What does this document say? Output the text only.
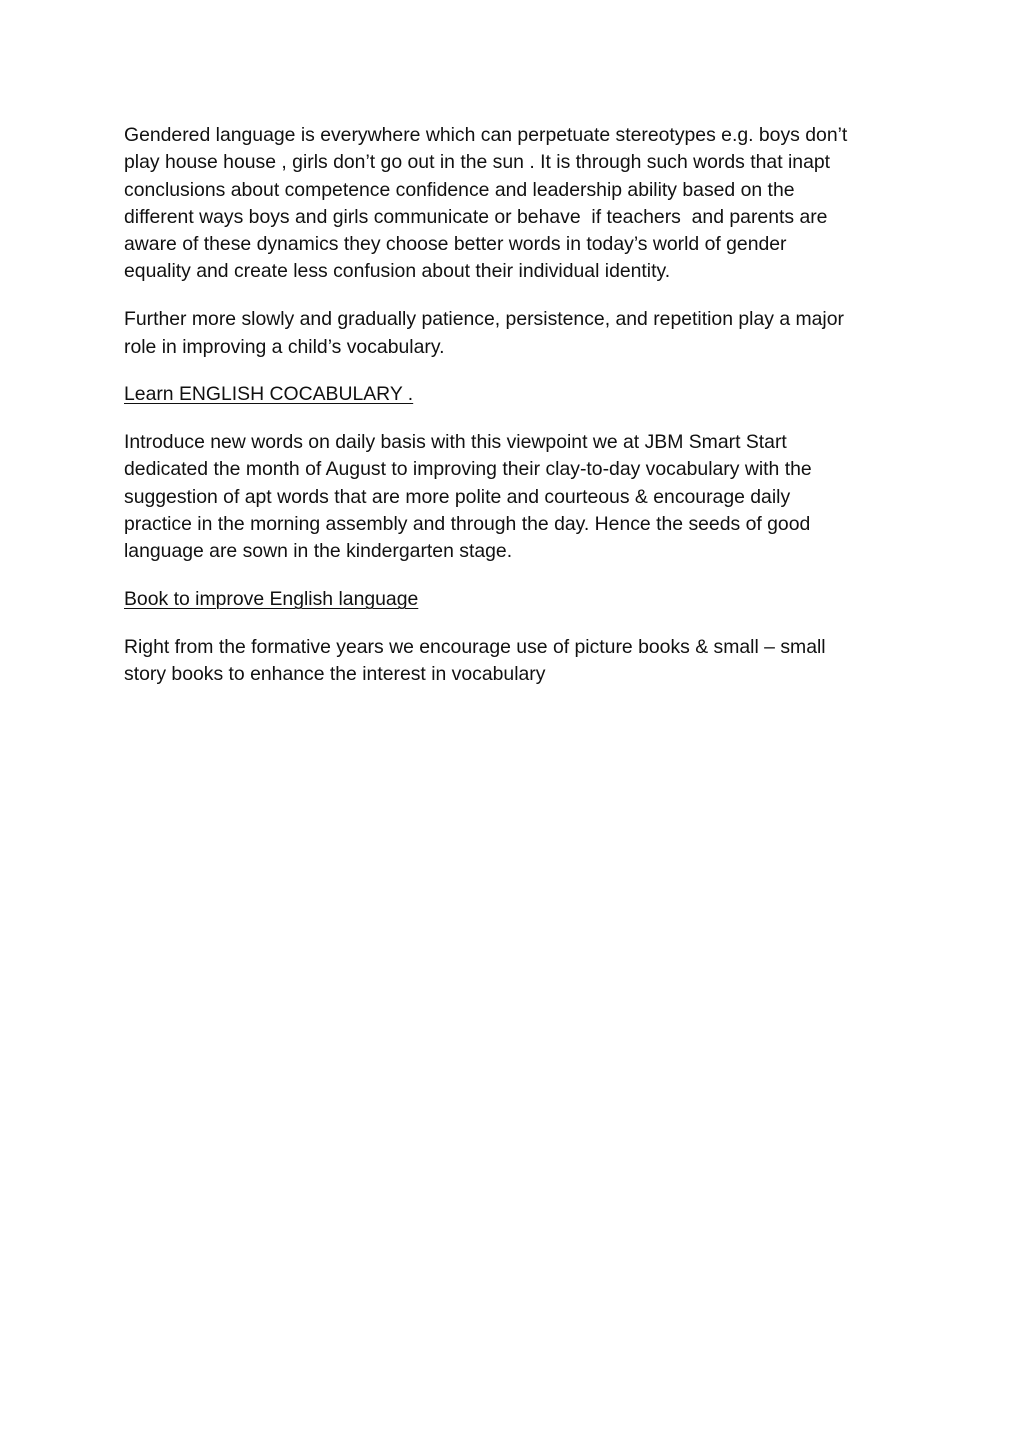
Gendered language is everywhere which can perpetuate stereotypes e.g. boys don’t
play house house , girls don’t go out in the sun . It is through such words that inapt
conclusions about competence confidence and leadership ability based on the
different ways boys and girls communicate or behave  if teachers  and parents are
aware of these dynamics they choose better words in today’s world of gender
equality and create less confusion about their individual identity.

Further more slowly and gradually patience, persistence, and repetition play a major
role in improving a child’s vocabulary.

Learn ENGLISH COCABULARY .

Introduce new words on daily basis with this viewpoint we at JBM Smart Start
dedicated the month of August to improving their clay-to-day vocabulary with the
suggestion of apt words that are more polite and courteous & encourage daily
practice in the morning assembly and through the day. Hence the seeds of good
language are sown in the kindergarten stage.

Book to improve English language

Right from the formative years we encourage use of picture books & small – small
story books to enhance the interest in vocabulary
